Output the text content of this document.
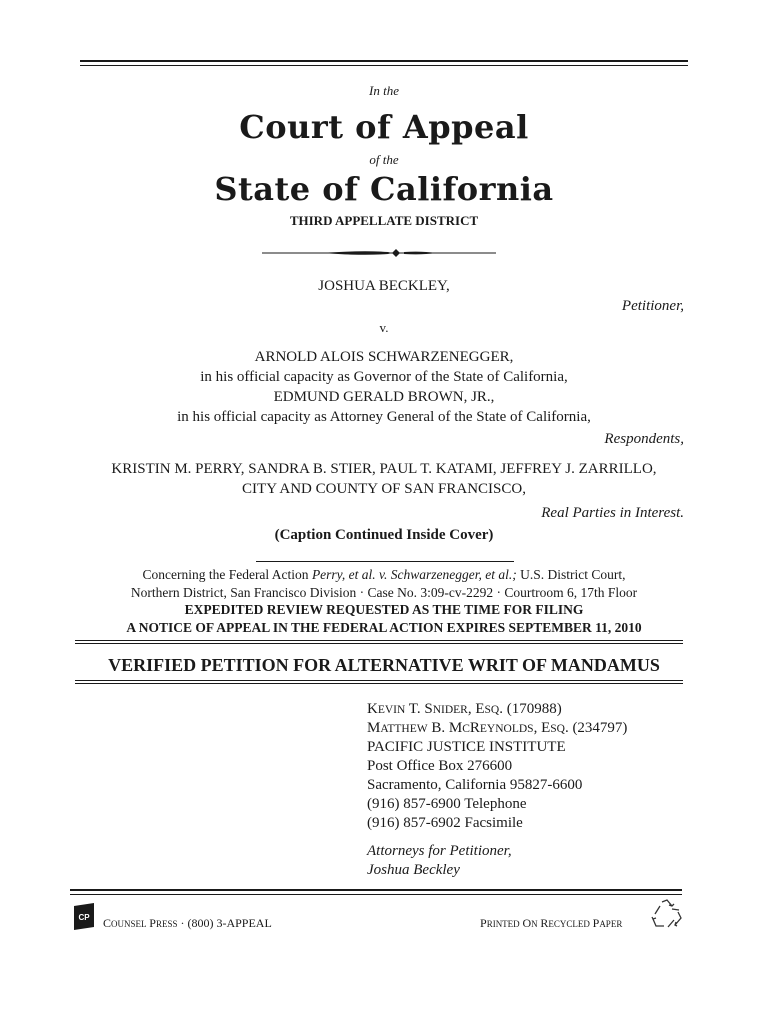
In the
Court of Appeal
of the
State of California
THIRD APPELLATE DISTRICT
JOSHUA BECKLEY,
Petitioner,
v.
ARNOLD ALOIS SCHWARZENEGGER,
in his official capacity as Governor of the State of California,
EDMUND GERALD BROWN, JR.,
in his official capacity as Attorney General of the State of California,
Respondents,
KRISTIN M. PERRY, SANDRA B. STIER, PAUL T. KATAMI, JEFFREY J. ZARRILLO,
CITY AND COUNTY OF SAN FRANCISCO,
Real Parties in Interest.
(Caption Continued Inside Cover)
Concerning the Federal Action Perry, et al. v. Schwarzenegger, et al.; U.S. District Court,
Northern District, San Francisco Division · Case No. 3:09-cv-2292 · Courtroom 6, 17th Floor
EXPEDITED REVIEW REQUESTED AS THE TIME FOR FILING
A NOTICE OF APPEAL IN THE FEDERAL ACTION EXPIRES SEPTEMBER 11, 2010
VERIFIED PETITION FOR ALTERNATIVE WRIT OF MANDAMUS
KEVIN T. SNIDER, ESQ. (170988)
MATTHEW B. MCREYNOLDS, ESQ. (234797)
PACIFIC JUSTICE INSTITUTE
Post Office Box 276600
Sacramento, California 95827-6600
(916) 857-6900 Telephone
(916) 857-6902 Facsimile
Attorneys for Petitioner,
Joshua Beckley
CP COUNSEL PRESS · (800) 3-APPEAL	PRINTED ON RECYCLED PAPER
